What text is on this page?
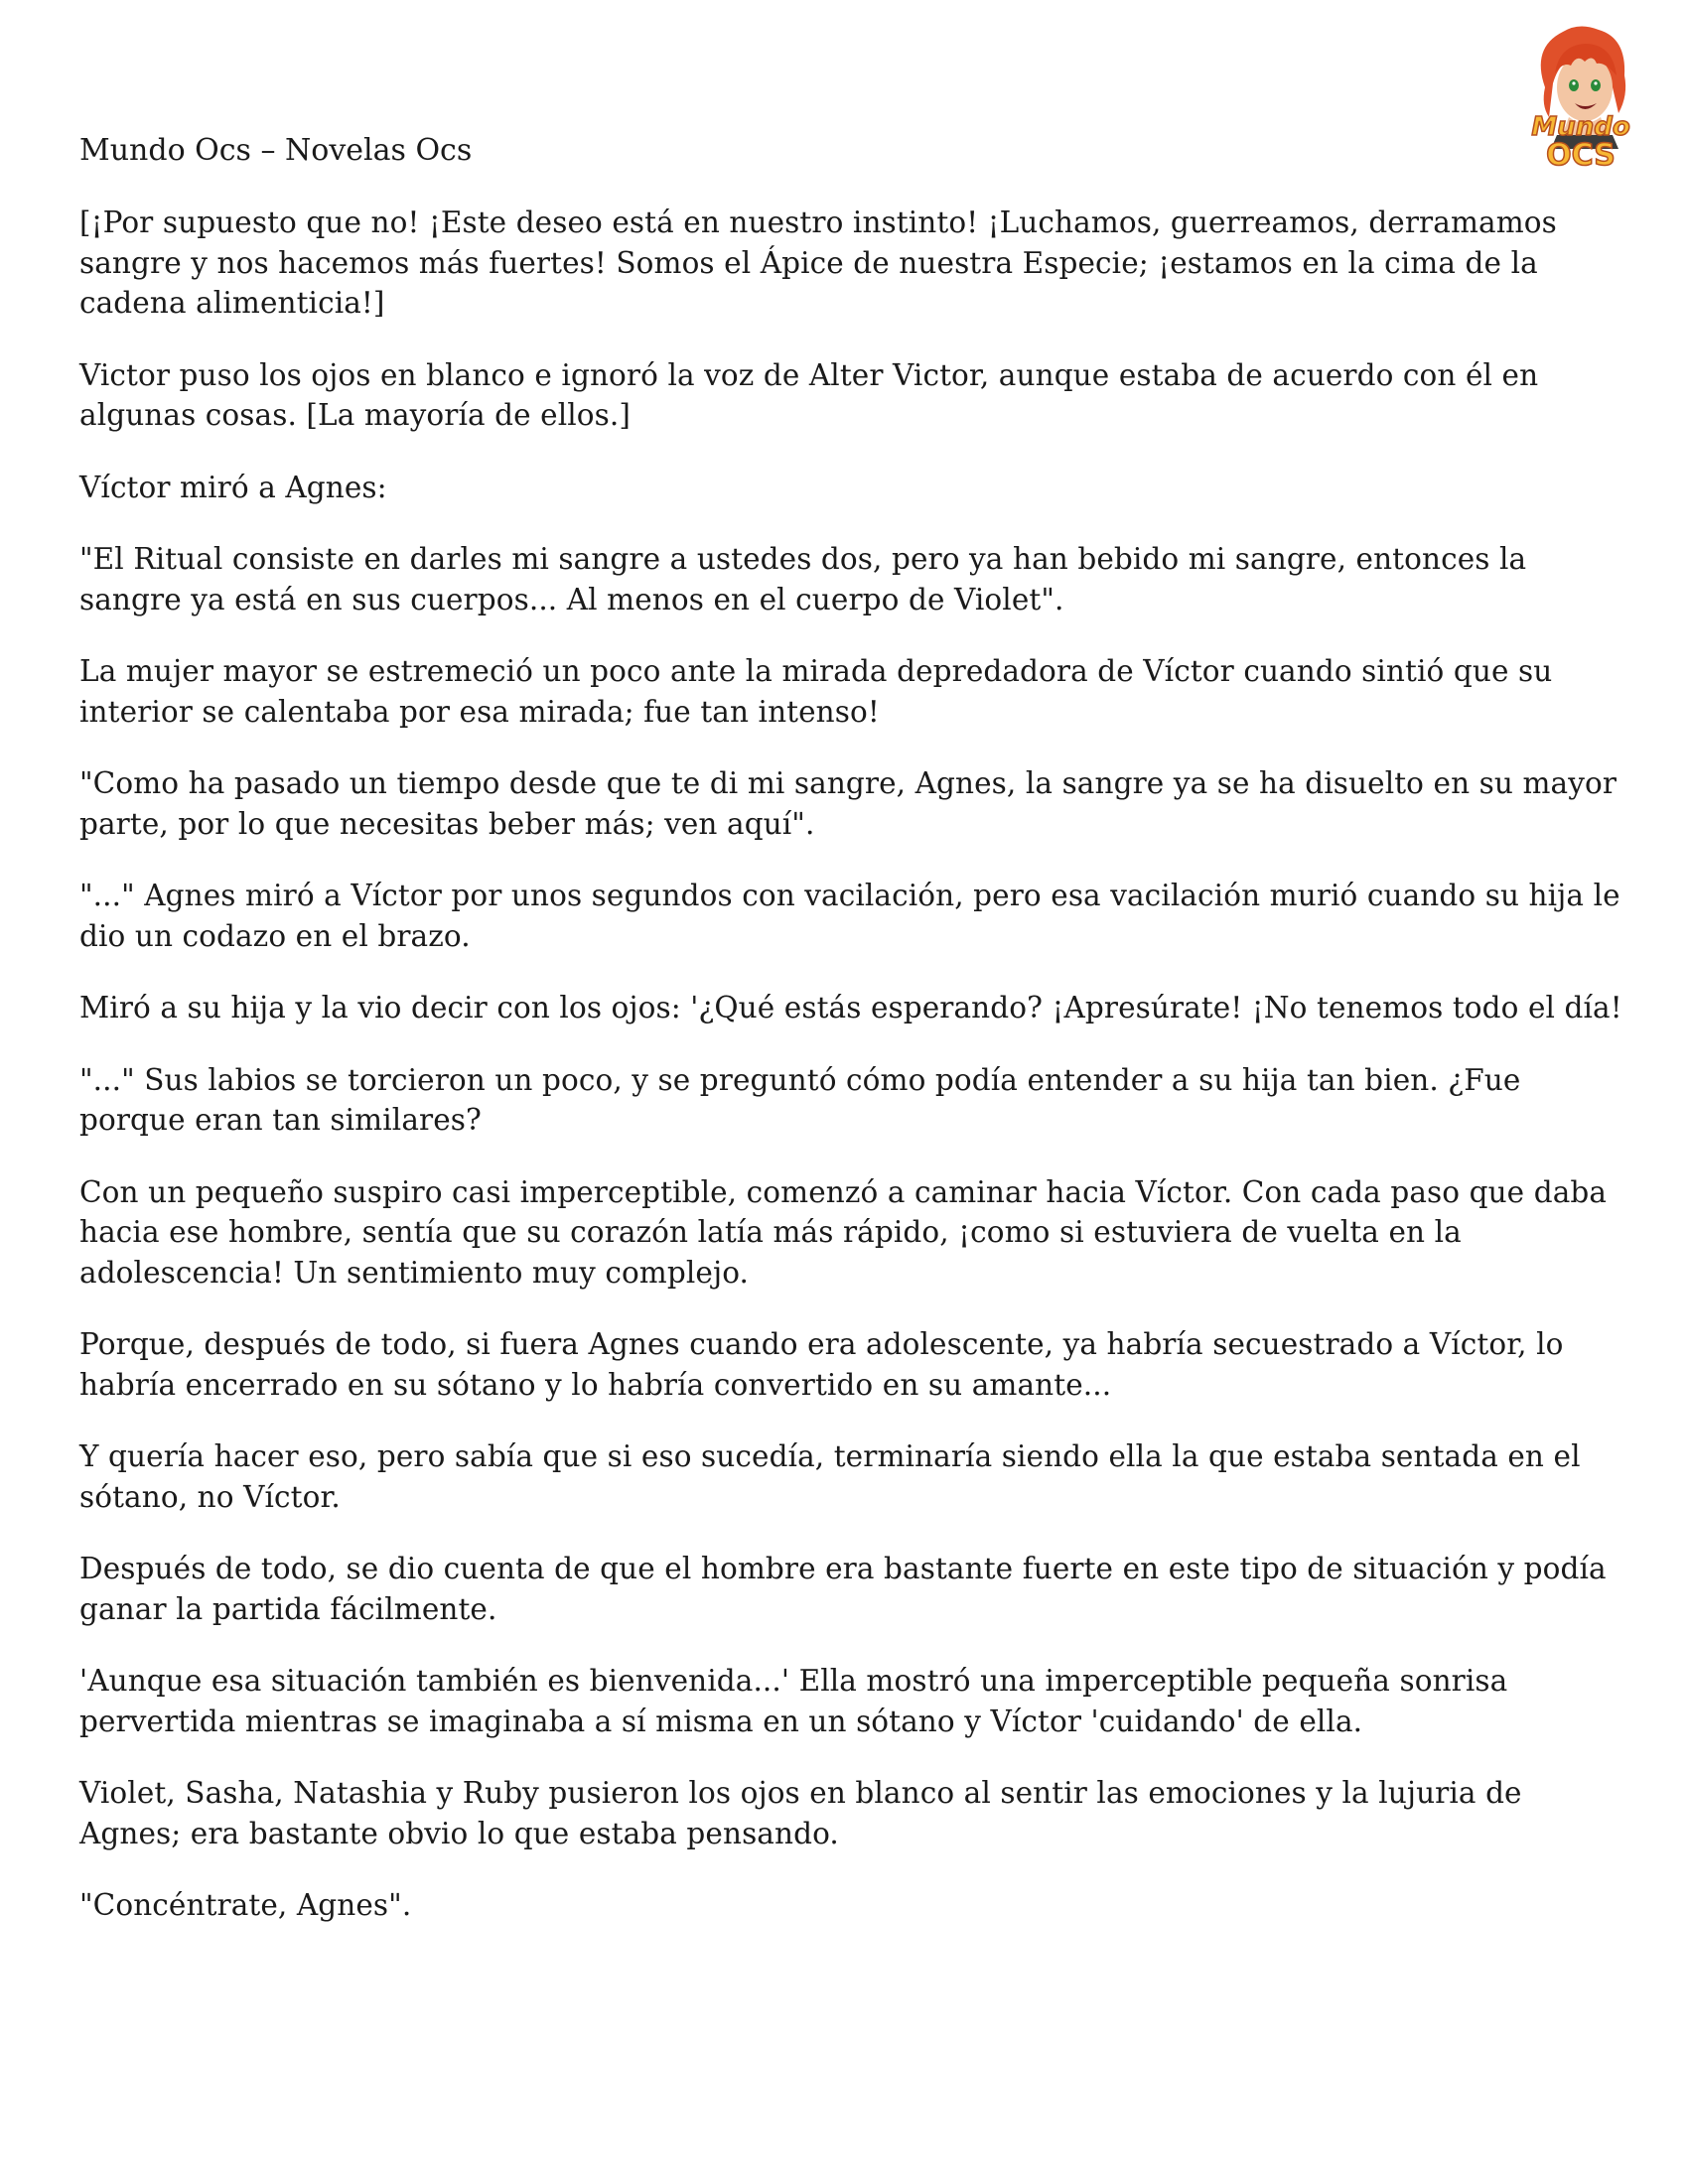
Mundo
OCS
Mundo Ocs – Novelas Ocs

[¡Por supuesto que no! ¡Este deseo está en nuestro instinto! ¡Luchamos, guerreamos, derramamos sangre y nos hacemos más fuertes! Somos el Ápice de nuestra Especie; ¡estamos en la cima de la cadena alimenticia!]

Victor puso los ojos en blanco e ignoró la voz de Alter Victor, aunque estaba de acuerdo con él en algunas cosas. [La mayoría de ellos.]

Víctor miró a Agnes:

"El Ritual consiste en darles mi sangre a ustedes dos, pero ya han bebido mi sangre, entonces la sangre ya está en sus cuerpos... Al menos en el cuerpo de Violet".

La mujer mayor se estremeció un poco ante la mirada depredadora de Víctor cuando sintió que su interior se calentaba por esa mirada; fue tan intenso!

"Como ha pasado un tiempo desde que te di mi sangre, Agnes, la sangre ya se ha disuelto en su mayor parte, por lo que necesitas beber más; ven aquí".

"..." Agnes miró a Víctor por unos segundos con vacilación, pero esa vacilación murió cuando su hija le dio un codazo en el brazo.

Miró a su hija y la vio decir con los ojos: '¿Qué estás esperando? ¡Apresúrate! ¡No tenemos todo el día!

"..." Sus labios se torcieron un poco, y se preguntó cómo podía entender a su hija tan bien. ¿Fue porque eran tan similares?

Con un pequeño suspiro casi imperceptible, comenzó a caminar hacia Víctor. Con cada paso que daba hacia ese hombre, sentía que su corazón latía más rápido, ¡como si estuviera de vuelta en la adolescencia! Un sentimiento muy complejo.

Porque, después de todo, si fuera Agnes cuando era adolescente, ya habría secuestrado a Víctor, lo habría encerrado en su sótano y lo habría convertido en su amante...

Y quería hacer eso, pero sabía que si eso sucedía, terminaría siendo ella la que estaba sentada en el sótano, no Víctor.

Después de todo, se dio cuenta de que el hombre era bastante fuerte en este tipo de situación y podía ganar la partida fácilmente.

'Aunque esa situación también es bienvenida...' Ella mostró una imperceptible pequeña sonrisa pervertida mientras se imaginaba a sí misma en un sótano y Víctor 'cuidando' de ella.

Violet, Sasha, Natashia y Ruby pusieron los ojos en blanco al sentir las emociones y la lujuria de Agnes; era bastante obvio lo que estaba pensando.

"Concéntrate, Agnes".
